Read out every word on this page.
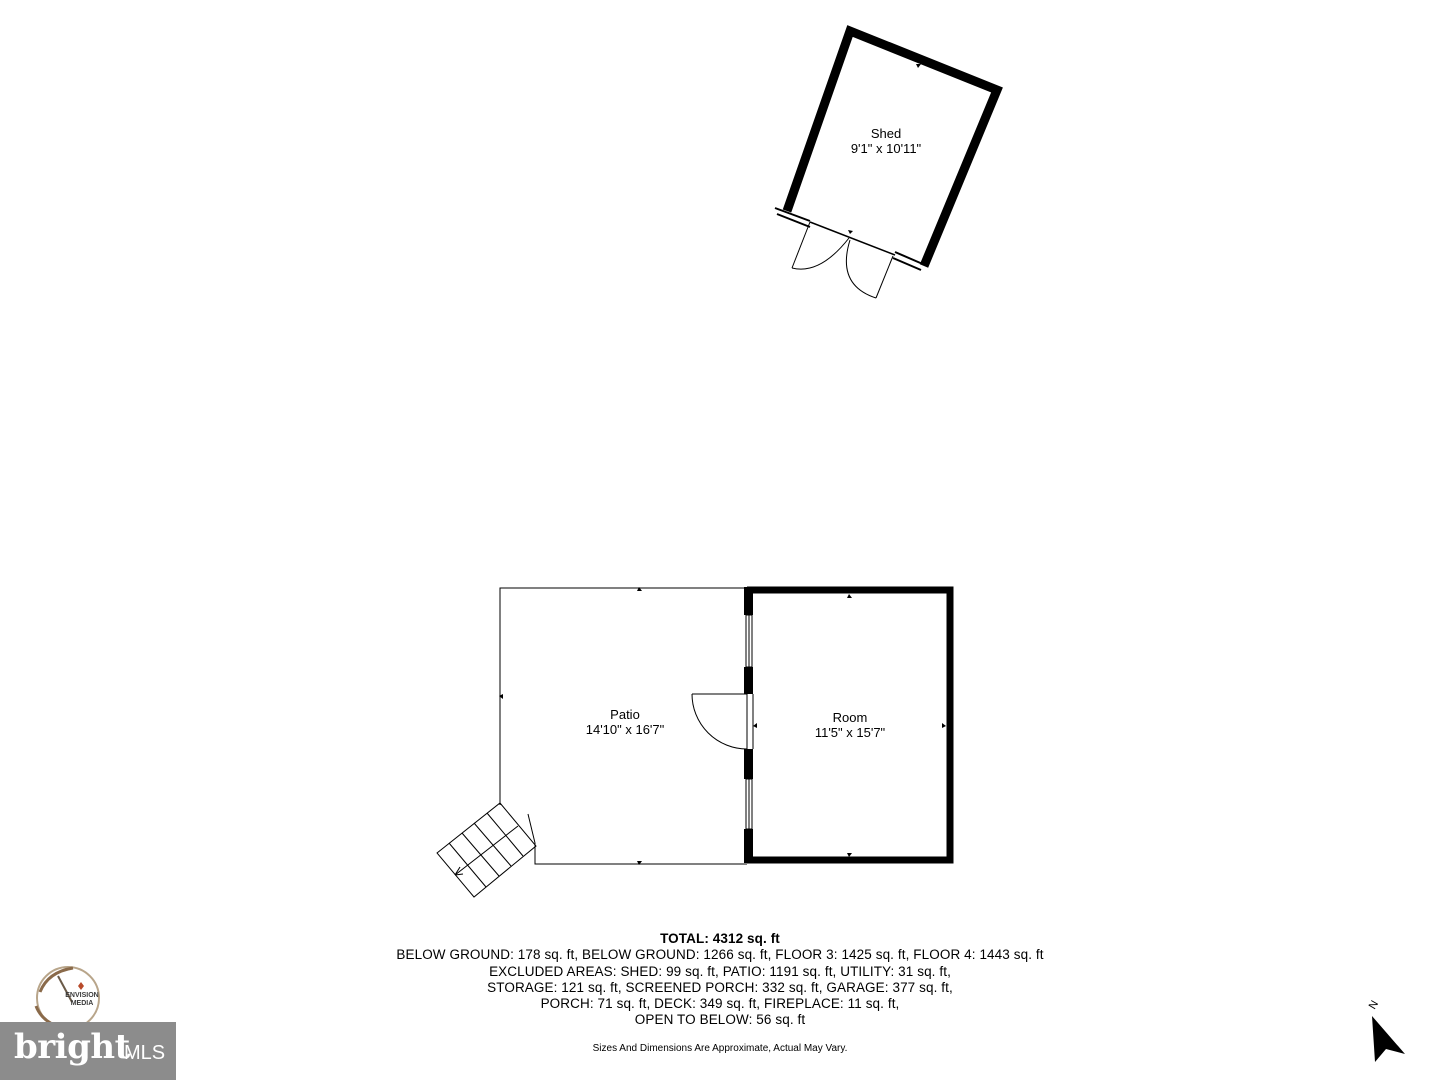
Shed
9'1" x 10'11"
Patio
14'10" x 16'7"
Room
11'5" x 15'7"
TOTAL: 4312 sq. ft
BELOW GROUND: 178 sq. ft, BELOW GROUND: 1266 sq. ft, FLOOR 3: 1425 sq. ft, FLOOR 4: 1443 sq. ft
EXCLUDED AREAS: SHED: 99 sq. ft, PATIO: 1191 sq. ft, UTILITY: 31 sq. ft,
STORAGE: 121 sq. ft, SCREENED PORCH: 332 sq. ft, GARAGE: 377 sq. ft,
PORCH: 71 sq. ft, DECK: 349 sq. ft, FIREPLACE: 11 sq. ft,
OPEN TO BELOW: 56 sq. ft
Sizes And Dimensions Are Approximate, Actual May Vary.
ENVISION
MEDIA
bright
MLS
N
